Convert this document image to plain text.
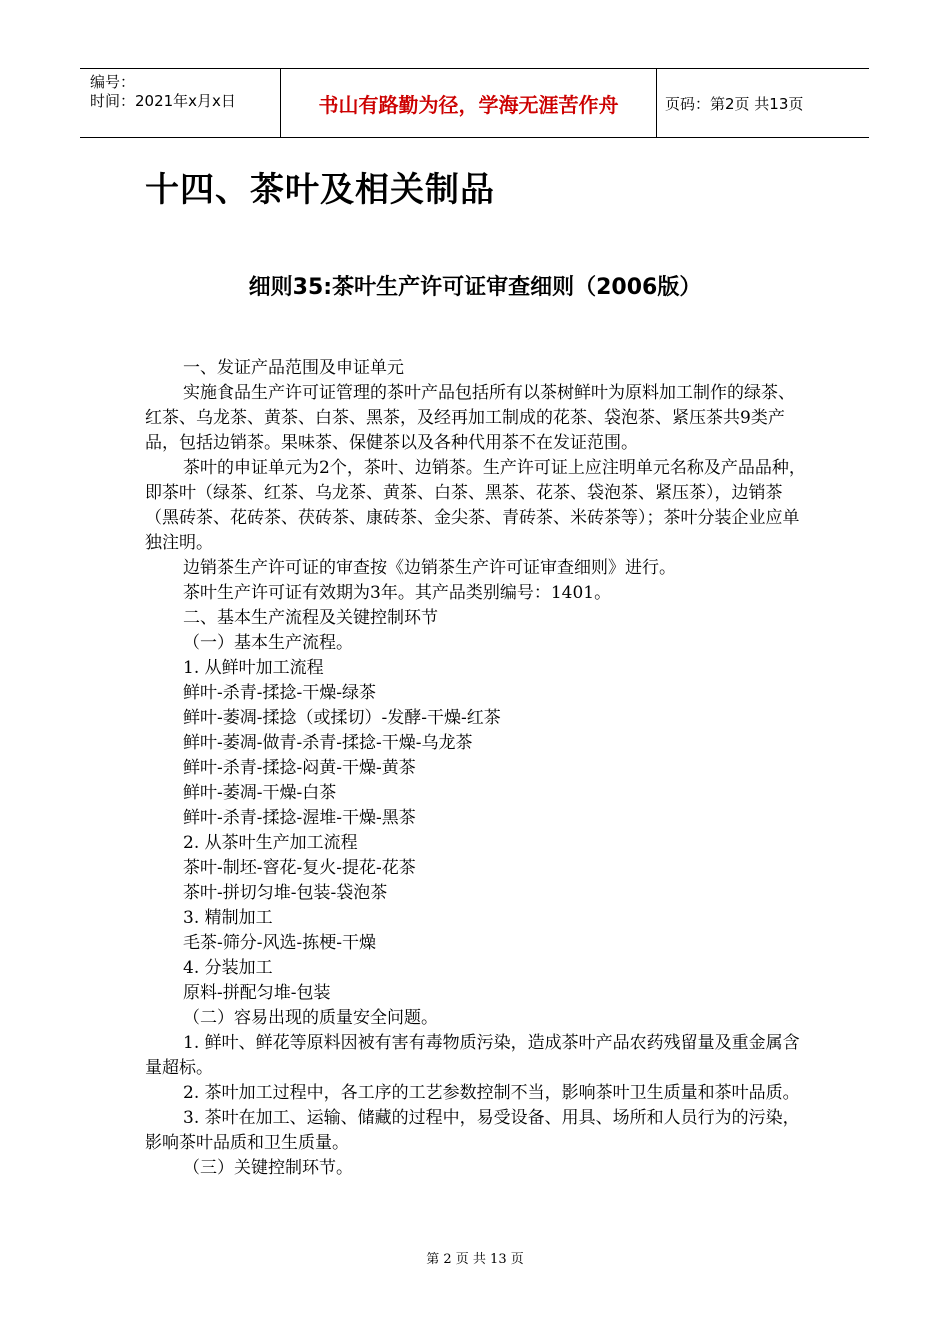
编号：
时间：2021年x月x日	书山有路勤为径，学海无涯苦作舟	页码：第2页 共13页
十四、茶叶及相关制品
细则35:茶叶生产许可证审查细则（2006版）

一、发证产品范围及申证单元

实施食品生产许可证管理的茶叶产品包括所有以茶树鲜叶为原料加工制作的绿茶、红茶、乌龙茶、黄茶、白茶、黑茶，及经再加工制成的花茶、袋泡茶、紧压茶共9类产品，包括边销茶。果味茶、保健茶以及各种代用茶不在发证范围。

茶叶的申证单元为2个，茶叶、边销茶。生产许可证上应注明单元名称及产品品种，即茶叶（绿茶、红茶、乌龙茶、黄茶、白茶、黑茶、花茶、袋泡茶、紧压茶），边销茶（黑砖茶、花砖茶、茯砖茶、康砖茶、金尖茶、青砖茶、米砖茶等）；茶叶分装企业应单独注明。

边销茶生产许可证的审查按《边销茶生产许可证审查细则》进行。

茶叶生产许可证有效期为3年。其产品类别编号：1401。

二、基本生产流程及关键控制环节

（一）基本生产流程。

1. 从鲜叶加工流程

鲜叶-杀青-揉捻-干燥-绿茶

鲜叶-萎凋-揉捻（或揉切）-发酵-干燥-红茶

鲜叶-萎凋-做青-杀青-揉捻-干燥-乌龙茶

鲜叶-杀青-揉捻-闷黄-干燥-黄茶

鲜叶-萎凋-干燥-白茶

鲜叶-杀青-揉捻-渥堆-干燥-黑茶

2. 从茶叶生产加工流程

茶叶-制坯-窨花-复火-提花-花茶

茶叶-拼切匀堆-包装-袋泡茶

3. 精制加工

毛茶-筛分-风选-拣梗-干燥

4. 分装加工

原料-拼配匀堆-包装

（二）容易出现的质量安全问题。

1. 鲜叶、鲜花等原料因被有害有毒物质污染，造成茶叶产品农药残留量及重金属含量超标。

2. 茶叶加工过程中，各工序的工艺参数控制不当，影响茶叶卫生质量和茶叶品质。

3. 茶叶在加工、运输、储藏的过程中，易受设备、用具、场所和人员行为的污染，影响茶叶品质和卫生质量。

（三）关键控制环节。

第 2 页 共 13 页
